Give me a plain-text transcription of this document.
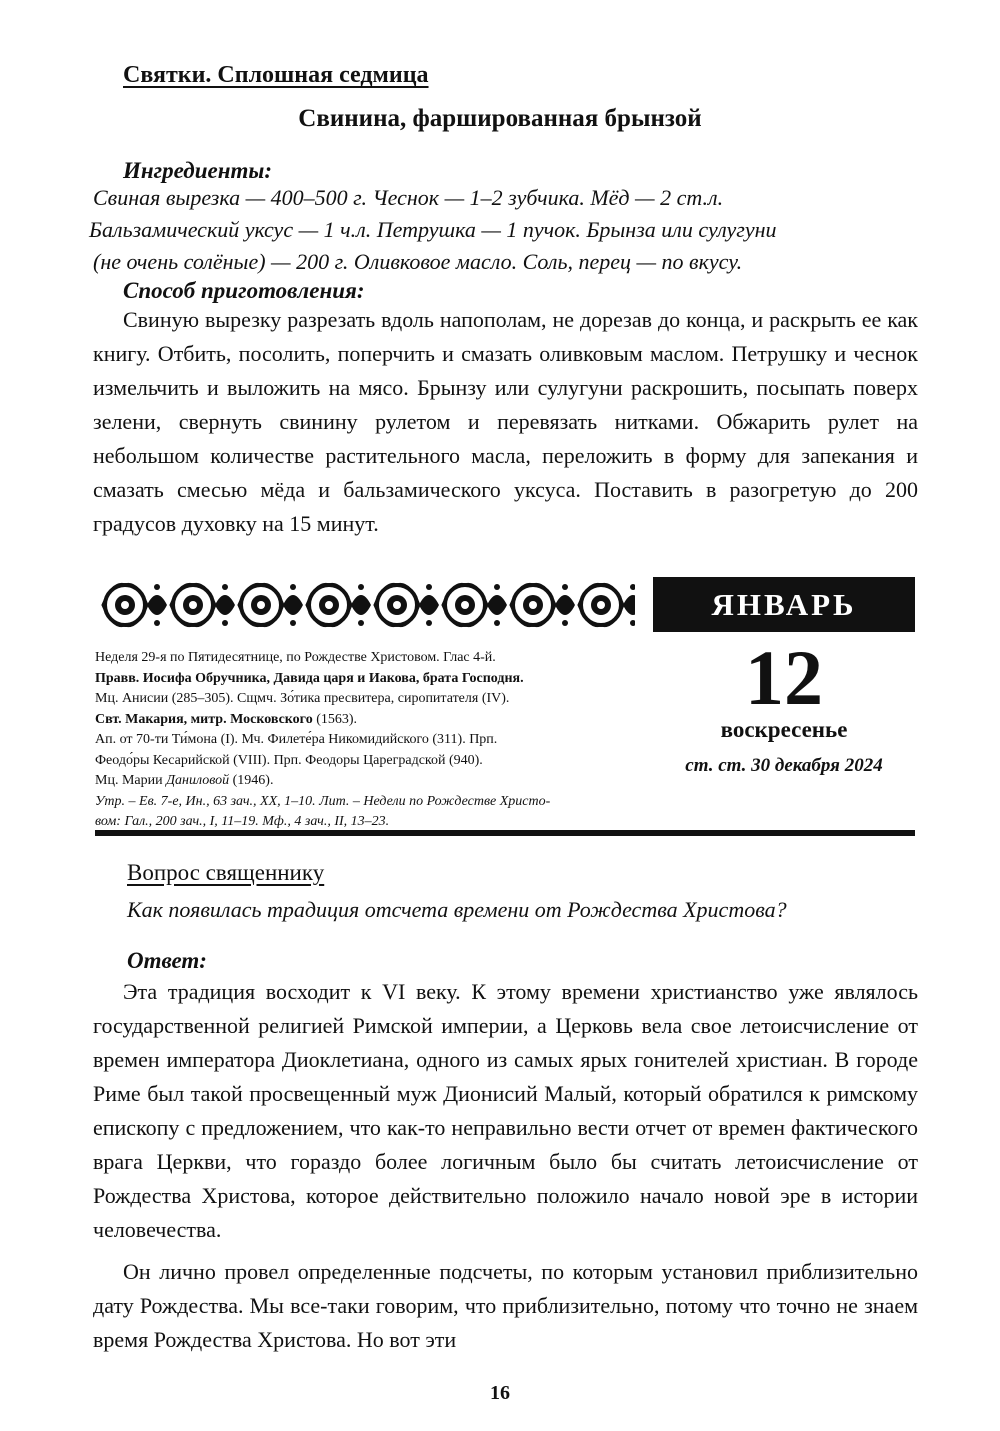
Святки. Сплошная седмица
Свинина, фаршированная брынзой
Ингредиенты:
Свиная вырезка — 400–500 г. Чеснок — 1–2 зубчика. Мёд — 2 ст.л.
Бальзамический уксус — 1 ч.л. Петрушка — 1 пучок. Брынза или сулугуни
(не очень солёные) — 200 г. Оливковое масло. Соль, перец — по вкусу.
Способ приготовления:

Свиную вырезку разрезать вдоль напополам, не дорезав до конца, и раскрыть ее как книгу. Отбить, посолить, поперчить и смазать оливковым маслом. Петрушку и чеснок измельчить и выложить на мясо. Брынзу или сулугуни раскрошить, посыпать поверх зелени, свернуть свинину рулетом и перевязать нитками. Обжарить рулет на небольшом количестве растительного масла, переложить в форму для запекания и смазать смесью мёда и бальзамического уксуса. Поставить в разогретую до 200 градусов духовку на 15 минут.

ЯНВАРЬ
12
воскресенье
ст. ст. 30 декабря 2024
Неделя 29-я по Пятидесятнице, по Рождестве Христовом. Глас 4-й.
Правв. Иосифа Обручника, Давида царя и Иакова, брата Господня.
Мц. Анисии (285–305). Сщмч. Зо́тика пресвитера, сиропитателя (IV).
Свт. Макария, митр. Московского (1563).
Ап. от 70-ти Ти́мона (I). Мч. Филете́ра Никомидийского (311). Прп.
Феодо́ры Кесарийской (VIII). Прп. Феодоры Цареградской (940).
Мц. Марии Даниловой (1946).
Утр. – Ев. 7-е, Ин., 63 зач., XX, 1–10. Лит. – Недели по Рождестве Христо-
вом: Гал., 200 зач., I, 11–19. Мф., 4 зач., II, 13–23.
Вопрос священнику
Как появилась традиция отсчета времени от Рождества Христова?
Ответ:

Эта традиция восходит к VI веку. К этому времени христианство уже являлось государственной религией Римской империи, а Церковь вела свое летоисчисление от времен императора Диоклетиана, одного из самых ярых гонителей христиан. В городе Риме был такой просвещенный муж Дионисий Малый, который обратился к римскому епископу с предложением, что как-то неправильно вести отчет от времен фактического врага Церкви, что гораздо более логичным было бы считать летоисчисление от Рождества Христова, которое действительно положило начало новой эре в истории человечества.

Он лично провел определенные подсчеты, по которым установил приблизительно дату Рождества. Мы все-таки говорим, что приблизительно, потому что точно не знаем время Рождества Христова. Но вот эти

16
